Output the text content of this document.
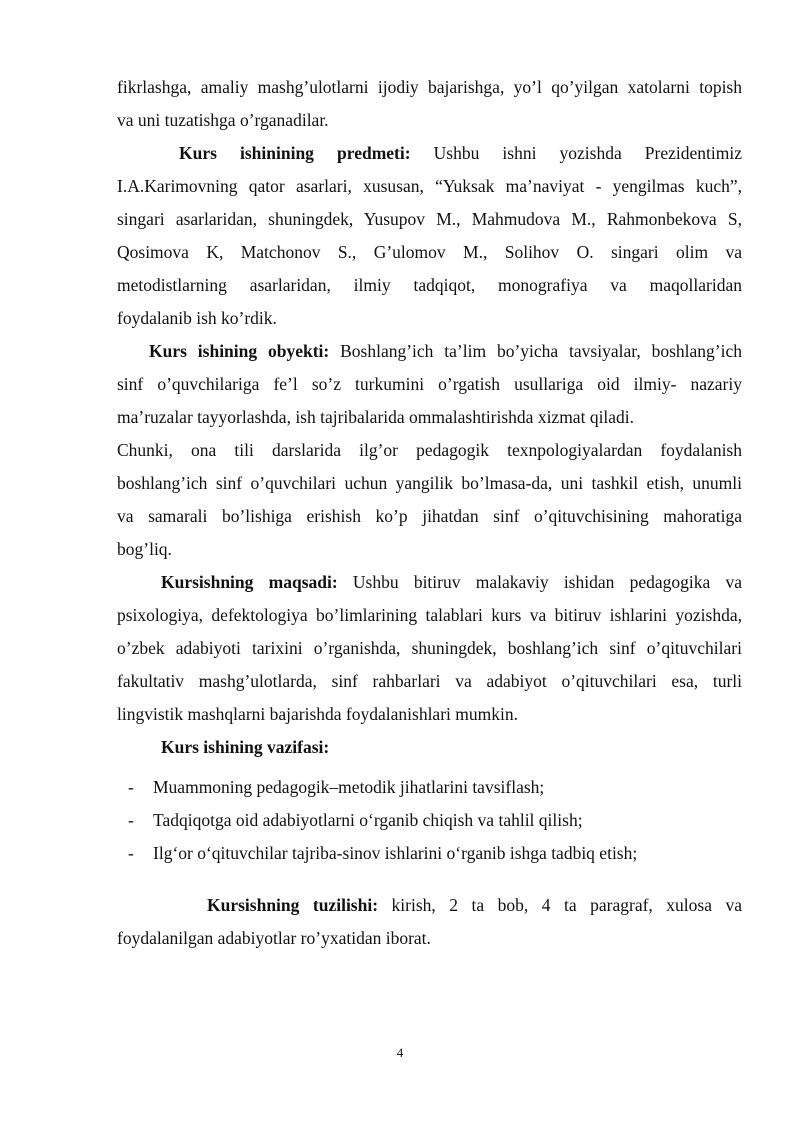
fikrlashga, amaliy mashg’ulotlarni ijodiy bajarishga, yo’l qo’yilgan xatolarni topish
va uni tuzatishga o’rganadilar.
Kurs ishinining predmeti: Ushbu ishni yozishda Prezidentimiz
I.A.Karimovning qator asarlari, xususan, “Yuksak ma’naviyat - yengilmas kuch”,
singari asarlaridan, shuningdek, Yusupov M., Mahmudova M., Rahmonbekova S,
Qosimova K, Matchonov S., G’ulomov M., Solihov O. singari olim va
metodistlarning asarlaridan, ilmiy tadqiqot, monografiya va maqollaridan
foydalanib ish ko’rdik.
Kurs ishining obyekti: Boshlang’ich ta’lim bo’yicha tavsiyalar, boshlang’ich
sinf o’quvchilariga fe’l so’z turkumini o’rgatish usullariga oid ilmiy- nazariy
ma’ruzalar tayyorlashda, ish tajribalarida ommalashtirishda xizmat qiladi.
Chunki, ona tili darslarida ilg’or pedagogik texnpologiyalardan foydalanish
boshlang’ich sinf o’quvchilari uchun yangilik bo’lmasa-da, uni tashkil etish, unumli
va samarali bo’lishiga erishish ko’p jihatdan sinf o’qituvchisining mahoratiga
bog’liq.
Kursishning maqsadi: Ushbu bitiruv malakaviy ishidan pedagogika va
psixologiya, defektologiya bo’limlarining talablari kurs va bitiruv ishlarini yozishda,
o’zbek adabiyoti tarixini o’rganishda, shuningdek, boshlang’ich sinf o’qituvchilari
fakultativ mashg’ulotlarda, sinf rahbarlari va adabiyot o’qituvchilari esa, turli
lingvistik mashqlarni bajarishda foydalanishlari mumkin.
Kurs ishining vazifasi:
- Muammoning pedagogik–metodik jihatlarini tavsiflash;
- Tadqiqotga oid adabiyotlarni o‘rganib chiqish va tahlil qilish;
- Ilg‘or o‘qituvchilar tajriba-sinov ishlarini o‘rganib ishga tadbiq etish;
Kursishning tuzilishi: kirish, 2 ta bob, 4 ta paragraf, xulosa va
foydalanilgan adabiyotlar ro’yxatidan iborat.
4
